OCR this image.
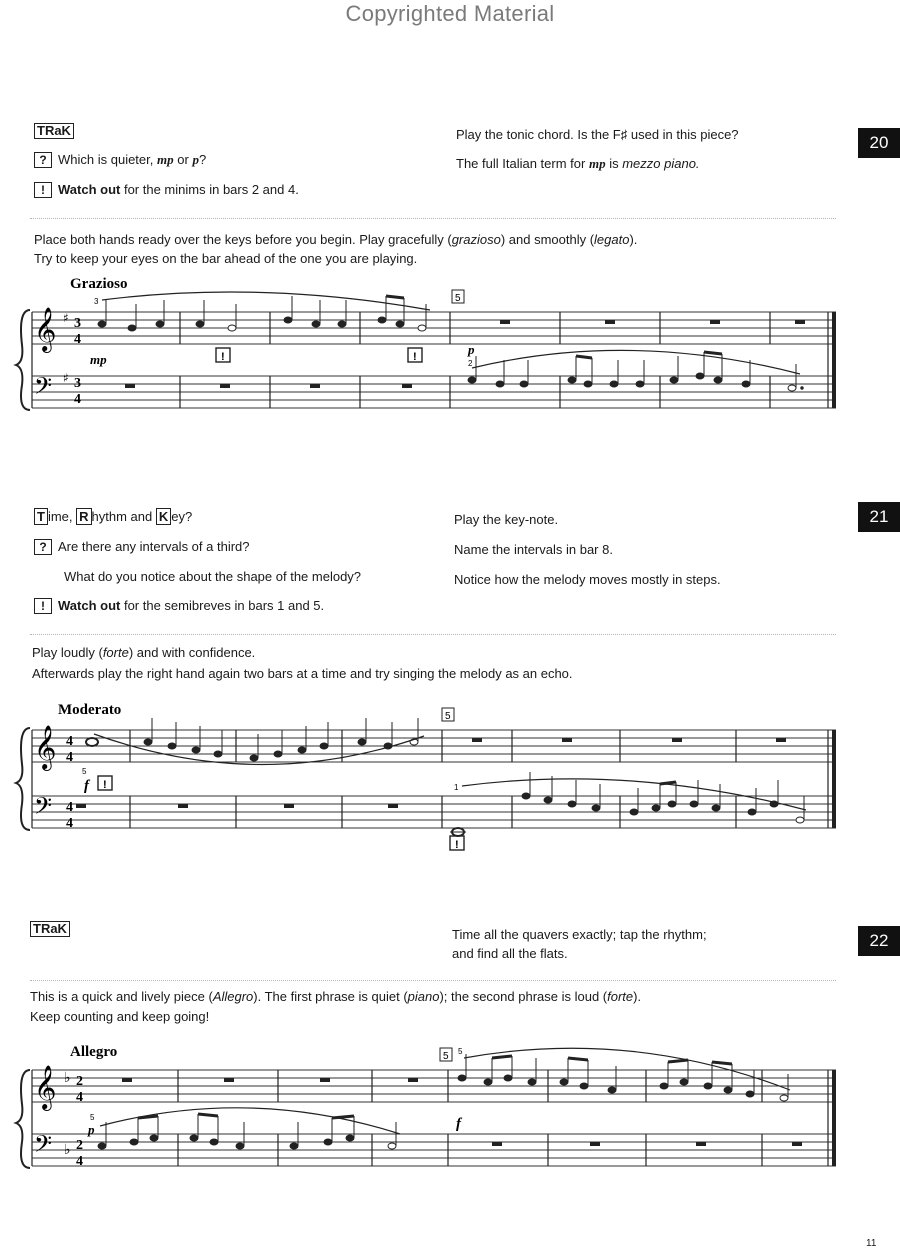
Copyrighted Material
20
TRaK
? Which is quieter, mp or p?
! Watch out for the minims in bars 2 and 4.
Play the tonic chord. Is the F♯ used in this piece?
The full Italian term for mp is mezzo piano.
Place both hands ready over the keys before you begin. Play gracefully (grazioso) and smoothly (legato).
Try to keep your eyes on the bar ahead of the one you are playing.
Grazioso
𝄞
𝄢
♯
♯
3
4
3
4
3
mp	!	!
5
p
2
21
T ime, R hythm and K ey?
? Are there any intervals of a third?
What do you notice about the shape of the melody?
! Watch out for the semibreves in bars 1 and 5.
Play the key-note.
Name the intervals in bar 8.
Notice how the melody moves mostly in steps.
Play loudly (forte) and with confidence.
Afterwards play the right hand again two bars at a time and try singing the melody as an echo.
Moderato
𝄞
𝄢
4
4
4
4
f
5
!
5
1
!
22
TRaK	Time all the quavers exactly; tap the rhythm;
and find all the flats.
This is a quick and lively piece (Allegro). The first phrase is quiet (piano); the second phrase is loud (forte).
Keep counting and keep going!
Allegro
𝄞
𝄢
♭
♭
2
4
2
4
5
p
5 5
f
11
